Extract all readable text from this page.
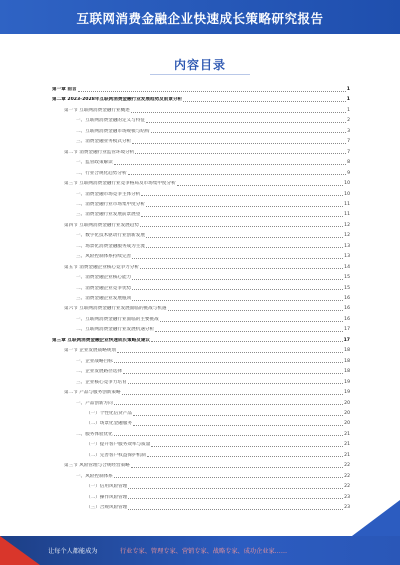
互联网消费金融企业快速成长策略研究报告
内容目录
第一章 前言	1
第二章 2023-2028年互联网消费金融行业发展趋势及前景分析	1
第一节 互联网消费金融行业概述	1
一、互联网消费金融的定义与特征	2
二、互联网消费金融市场规模与结构	3
三、消费金融业务模式分析	7
第二节 消费金融行业监管环境分析	7
一、监管政策解读	8
二、行业合规化趋势分析	9
第三节 互联网消费金融行业竞争格局及市场集中度分析	10
一、消费金融市场竞争主体分析	10
二、消费金融行业市场集中度分析	11
三、消费金融行业发展前景展望	11
第四节 互联网消费金融行业发展趋势	12
一、数字化技术驱动行业创新发展	12
二、场景化消费金融服务成为主流	13
三、风险控制体系持续完善	13
第五节 消费金融企业核心竞争力分析	14
一、消费金融企业核心能力	15
二、消费金融企业竞争优势	15
三、消费金融企业发展瓶颈	16
第六节 互联网消费金融行业发展面临的挑战与机遇	16
一、互联网消费金融行业面临的主要挑战	16
二、互联网消费金融行业发展机遇分析	17
第三章 互联网消费金融企业快速成长策略及建议	17
第一节 企业发展战略规划	18
一、企业战略目标	18
二、企业发展路径选择	18
三、企业核心竞争力培育	19
第二节 产品与服务创新策略	19
一、产品创新方向	20
（一）个性化信贷产品	20
（二）场景化金融服务	20
二、服务体验优化	21
（一）提升客户服务效率与质量	21
（二）完善客户权益保护机制	21
第三节 风险管理与合规经营策略	22
一、风险控制体系	22
（一）信用风险管理	22
（二）操作风险管理	23
（三）合规风险管理	23
让每个人都能成为	行业专家、管理专家、营销专家、战略专家、成功企业家……
